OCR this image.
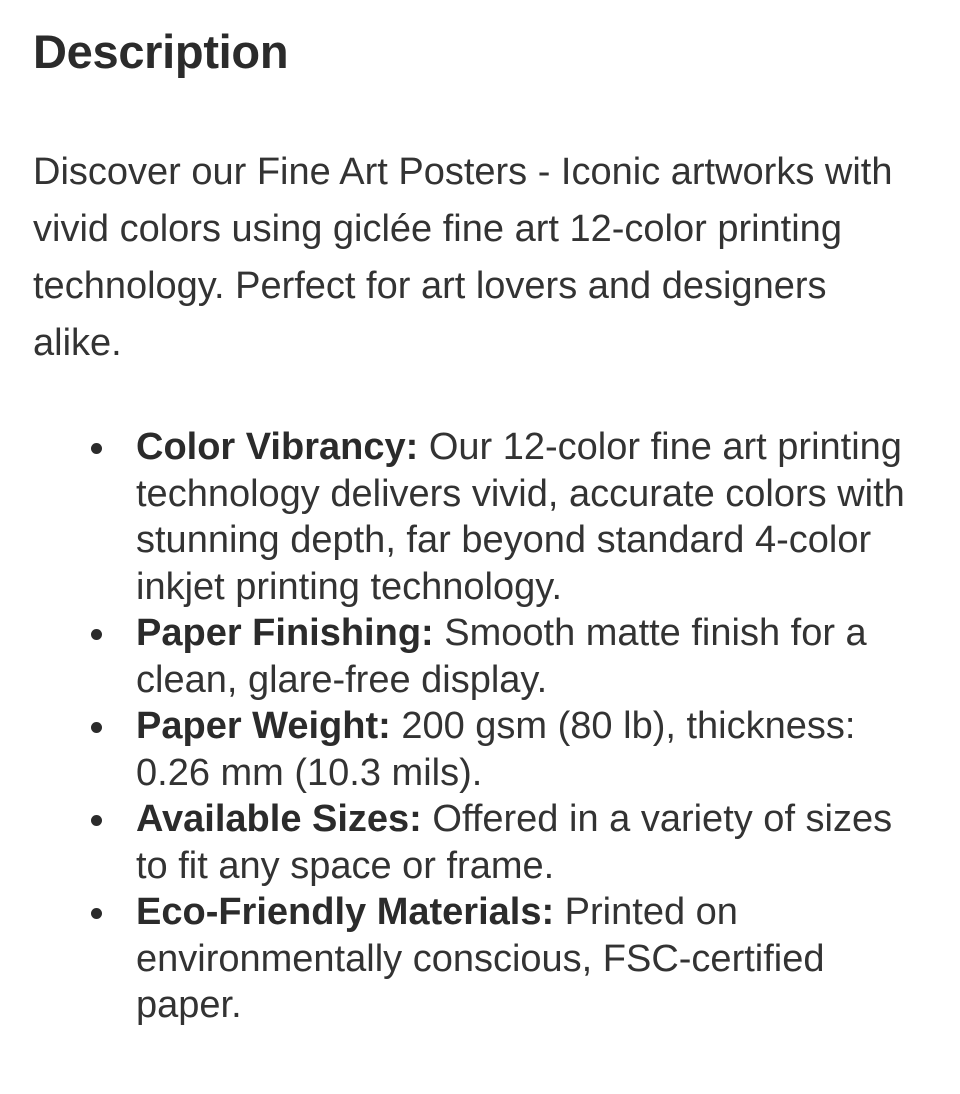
Description

Discover our Fine Art Posters - Iconic artworks with vivid colors using giclée fine art 12-color printing technology. Perfect for art lovers and designers alike.

Color Vibrancy: Our 12-color fine art printing technology delivers vivid, accurate colors with stunning depth, far beyond standard 4-color inkjet printing technology.
Paper Finishing: Smooth matte finish for a clean, glare-free display.
Paper Weight: 200 gsm (80 lb), thickness: 0.26 mm (10.3 mils).
Available Sizes: Offered in a variety of sizes to fit any space or frame.
Eco-Friendly Materials: Printed on environmentally conscious, FSC-certified paper.
